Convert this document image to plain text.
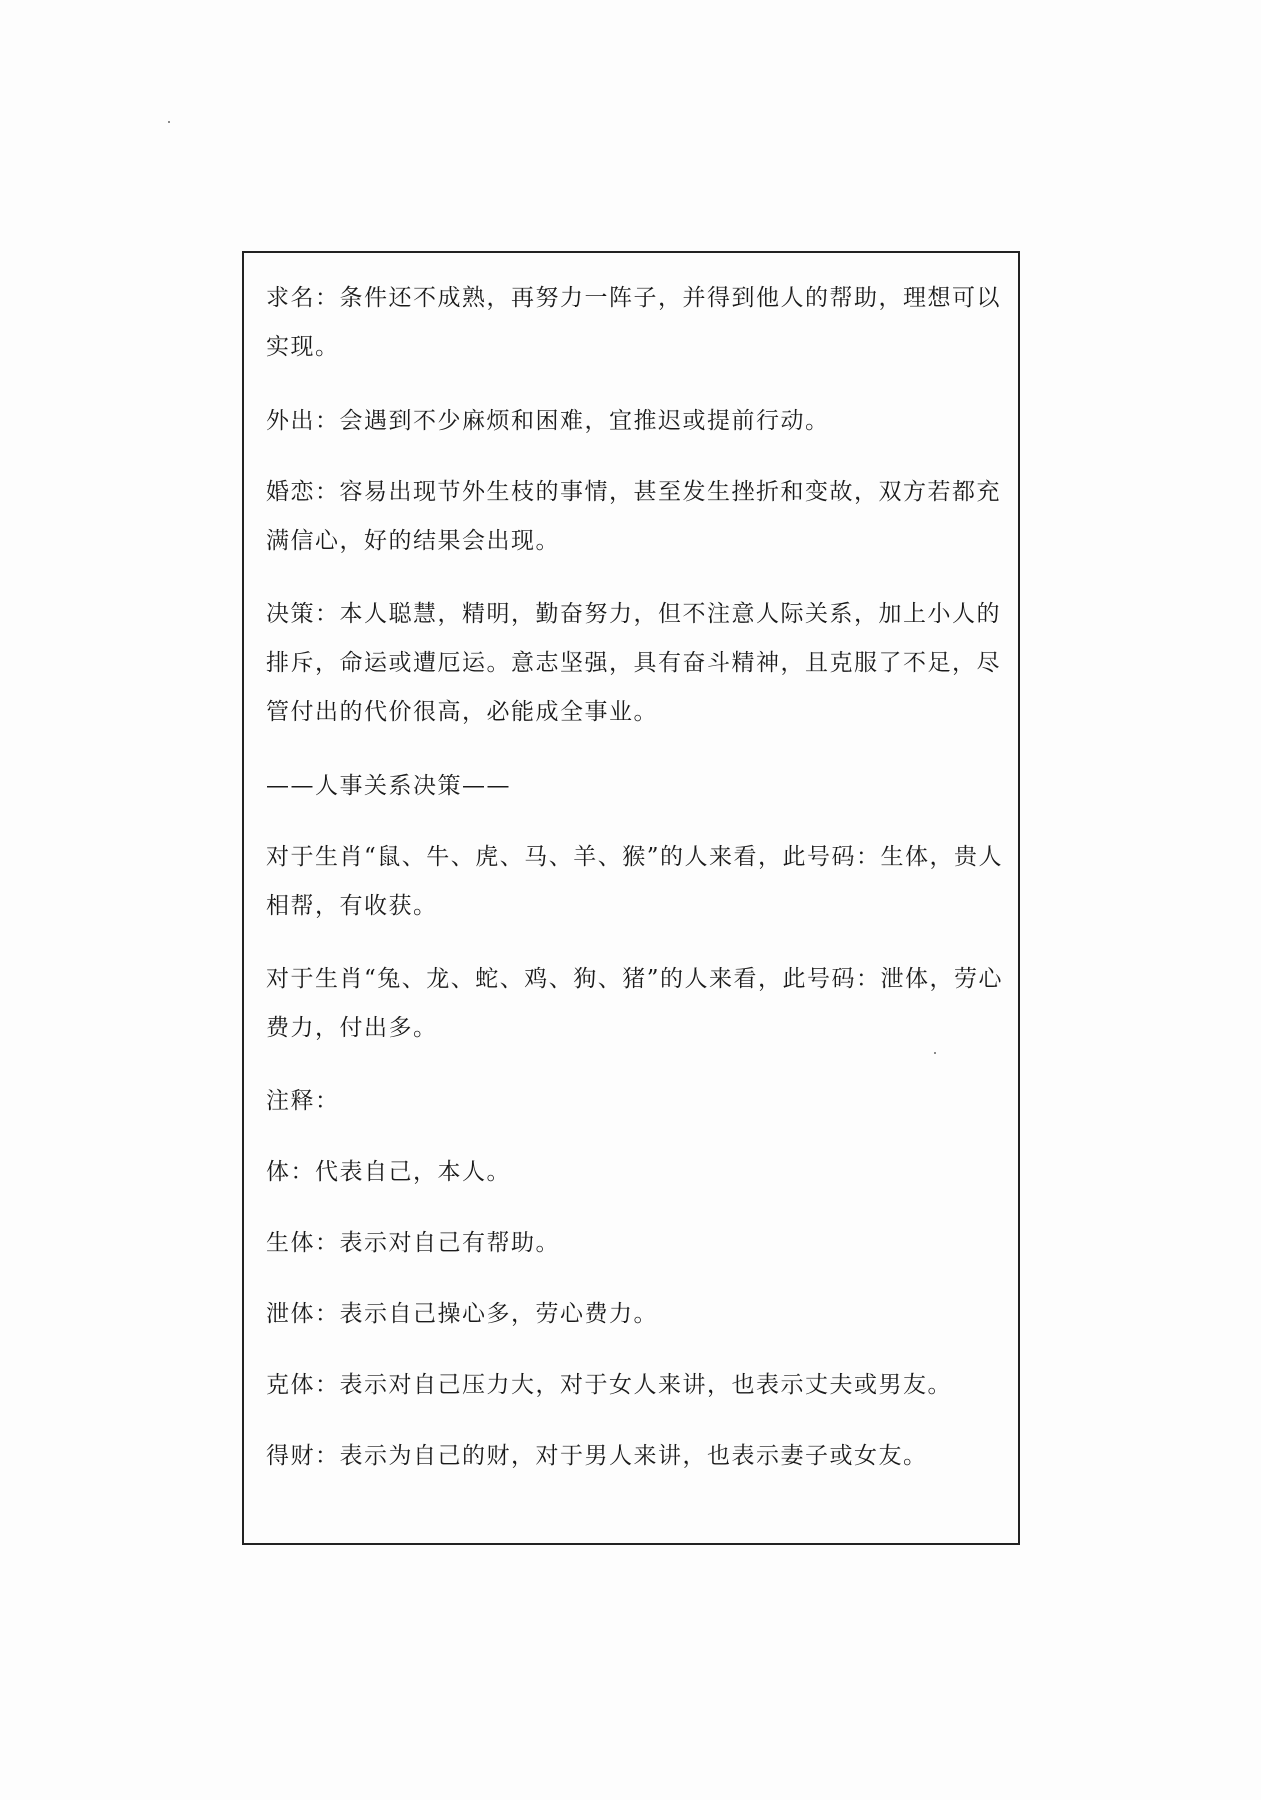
求名：条件还不成熟，再努力一阵子，并得到他人的帮助，理想可以实现。

外出：会遇到不少麻烦和困难，宜推迟或提前行动。

婚恋：容易出现节外生枝的事情，甚至发生挫折和变故，双方若都充满信心，好的结果会出现。

决策：本人聪慧，精明，勤奋努力，但不注意人际关系，加上小人的排斥，命运或遭厄运。意志坚强，具有奋斗精神，且克服了不足，尽管付出的代价很高，必能成全事业。

——人事关系决策——

对于生肖“鼠、牛、虎、马、羊、猴”的人来看，此号码：生体，贵人相帮，有收获。

对于生肖“兔、龙、蛇、鸡、狗、猪”的人来看，此号码：泄体，劳心费力，付出多。

注释：

体：代表自己，本人。

生体：表示对自己有帮助。

泄体：表示自己操心多，劳心费力。

克体：表示对自己压力大，对于女人来讲，也表示丈夫或男友。

得财：表示为自己的财，对于男人来讲，也表示妻子或女友。
